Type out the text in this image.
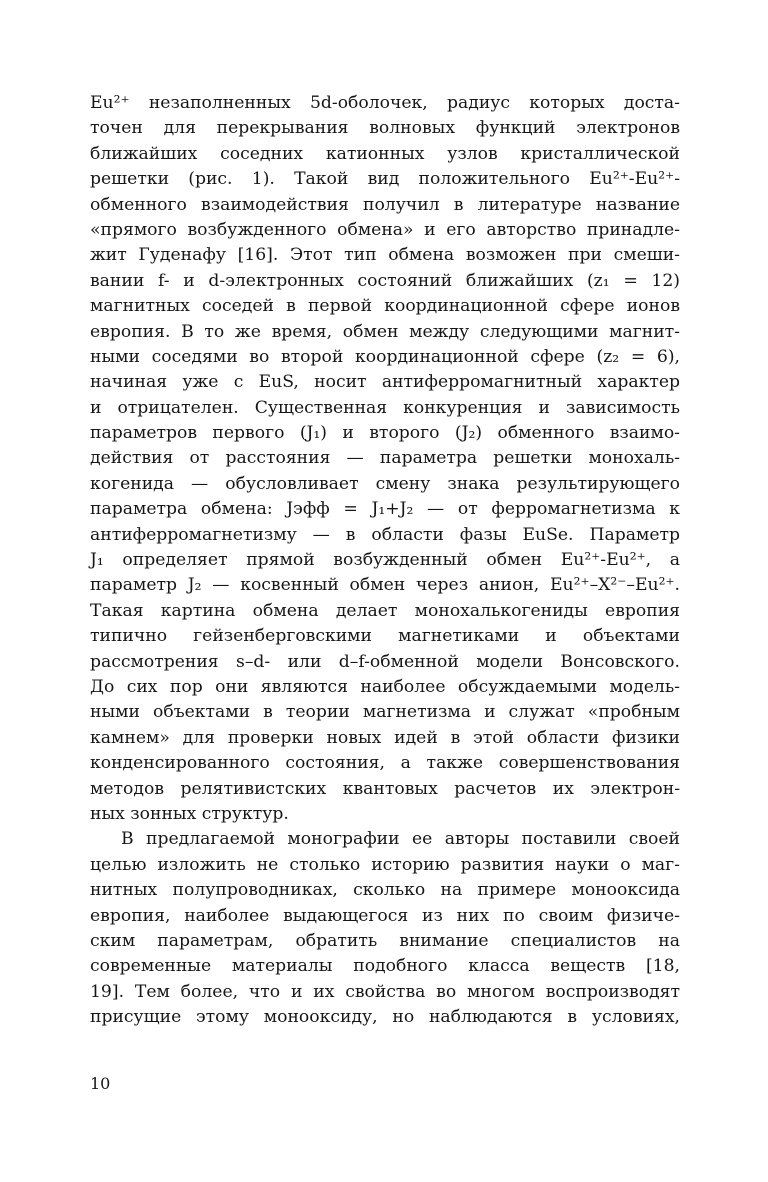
Eu²⁺ незаполненных 5d-оболочек, радиус которых доста-
точен для перекрывания волновых функций электронов
ближайших соседних катионных узлов кристаллической
решетки (рис. 1). Такой вид положительного Eu²⁺-Eu²⁺-
обменного взаимодействия получил в литературе название
«прямого возбужденного обмена» и его авторство принадле-
жит Гуденафу [16]. Этот тип обмена возможен при смеши-
вании f- и d-электронных состояний ближайших (z₁ = 12)
магнитных соседей в первой координационной сфере ионов
европия. В то же время, обмен между следующими магнит-
ными соседями во второй координационной сфере (z₂ = 6),
начиная уже с EuS, носит антиферромагнитный характер
и отрицателен. Существенная конкуренция и зависимость
параметров первого (J₁) и второго (J₂) обменного взаимо-
действия от расстояния — параметра решетки монохаль-
когенида — обусловливает смену знака результирующего
параметра обмена: Jэфф = J₁+J₂ — от ферромагнетизма к
антиферромагнетизму — в области фазы EuSe. Параметр
J₁ определяет прямой возбужденный обмен Eu²⁺-Eu²⁺, а
параметр J₂ — косвенный обмен через анион, Eu²⁺–X²⁻–Eu²⁺.
Такая картина обмена делает монохалькогениды европия
типично гейзенберговскими магнетиками и объектами
рассмотрения s–d- или d–f-обменной модели Вонсовского.
До сих пор они являются наиболее обсуждаемыми модель-
ными объектами в теории магнетизма и служат «пробным
камнем» для проверки новых идей в этой области физики
конденсированного состояния, а также совершенствования
методов релятивистских квантовых расчетов их электрон-
ных зонных структур.
В предлагаемой монографии ее авторы поставили своей
целью изложить не столько историю развития науки о маг-
нитных полупроводниках, сколько на примере монооксида
европия, наиболее выдающегося из них по своим физиче-
ским параметрам, обратить внимание специалистов на
современные материалы подобного класса веществ [18,
19]. Тем более, что и их свойства во многом воспроизводят
присущие этому монооксиду, но наблюдаются в условиях,
10
